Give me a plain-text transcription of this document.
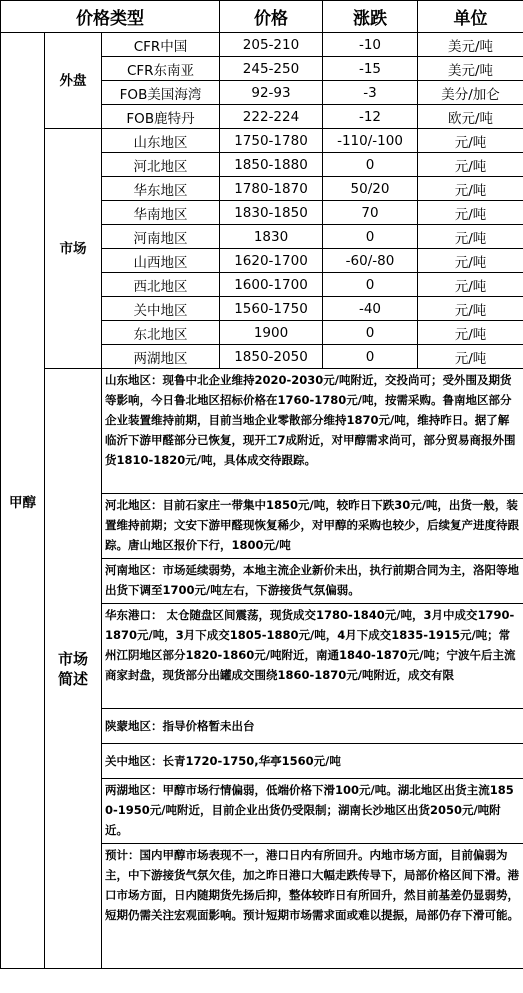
价格类型			价格	涨跌	单位
甲醇	外盘	CFR中国	205-210	-10	美元/吨
		CFR东南亚	245-250	-15	美元/吨
		FOB美国海湾	92-93	-3	美分/加仑
		FOB鹿特丹	222-224	-12	欧元/吨
	市场	山东地区	1750-1780	-110/-100	元/吨
		河北地区	1850-1880	0	元/吨
		华东地区	1780-1870	50/20	元/吨
		华南地区	1830-1850	70	元/吨
		河南地区	1830	0	元/吨
		山西地区	1620-1700	-60/-80	元/吨
		西北地区	1600-1700	0	元/吨
		关中地区	1560-1750	-40	元/吨
		东北地区	1900	0	元/吨
		两湖地区	1850-2050	0	元/吨
	市场
简述	山东地区：现鲁中北企业维持2020-2030元/吨附近，交投尚可；受外围及期货等影响，今日鲁北地区招标价格在1760-1780元/吨，按需采购。鲁南地区部分企业装置维持前期，目前当地企业零散部分维持1870元/吨，维持昨日。据了解临沂下游甲醛部分已恢复，现开工7成附近，对甲醇需求尚可，部分贸易商报外围货1810-1820元/吨，具体成交待跟踪。			
		河北地区：目前石家庄一带集中1850元/吨，较昨日下跌30元/吨，出货一般，装置维持前期；文安下游甲醛现恢复稀少，对甲醇的采购也较少，后续复产进度待跟踪。唐山地区报价下行，1800元/吨			
		河南地区：市场延续弱势，本地主流企业新价未出，执行前期合同为主，洛阳等地出货下调至1700元/吨左右，下游接货气氛偏弱。			
		华东港口： 太仓随盘区间震荡，现货成交1780-1840元/吨，3月中成交1790-1870元/吨，3月下成交1805-1880元/吨，4月下成交1835-1915元/吨；常州江阴地区部分1820-1860元/吨附近，南通1840-1870元/吨；宁波午后主流商家封盘，现货部分出罐成交围绕1860-1870元/吨附近，成交有限			
		陕蒙地区：指导价格暂未出台			
		关中地区：长青1720-1750,华亭1560元/吨			
		两湖地区：甲醇市场行情偏弱，低端价格下滑100元/吨。湖北地区出货主流1850-1950元/吨附近，目前企业出货仍受限制；湖南长沙地区出货2050元/吨附近。			
		预计：国内甲醇市场表现不一，港口日内有所回升。内地市场方面，目前偏弱为主，中下游接货气氛欠佳，加之昨日港口大幅走跌传导下，局部价格区间下滑。港口市场方面，日内随期货先扬后抑，整体较昨日有所回升，然目前基差仍显弱势，短期仍需关注宏观面影响。预计短期市场需求面或难以提振，局部仍存下滑可能。			
